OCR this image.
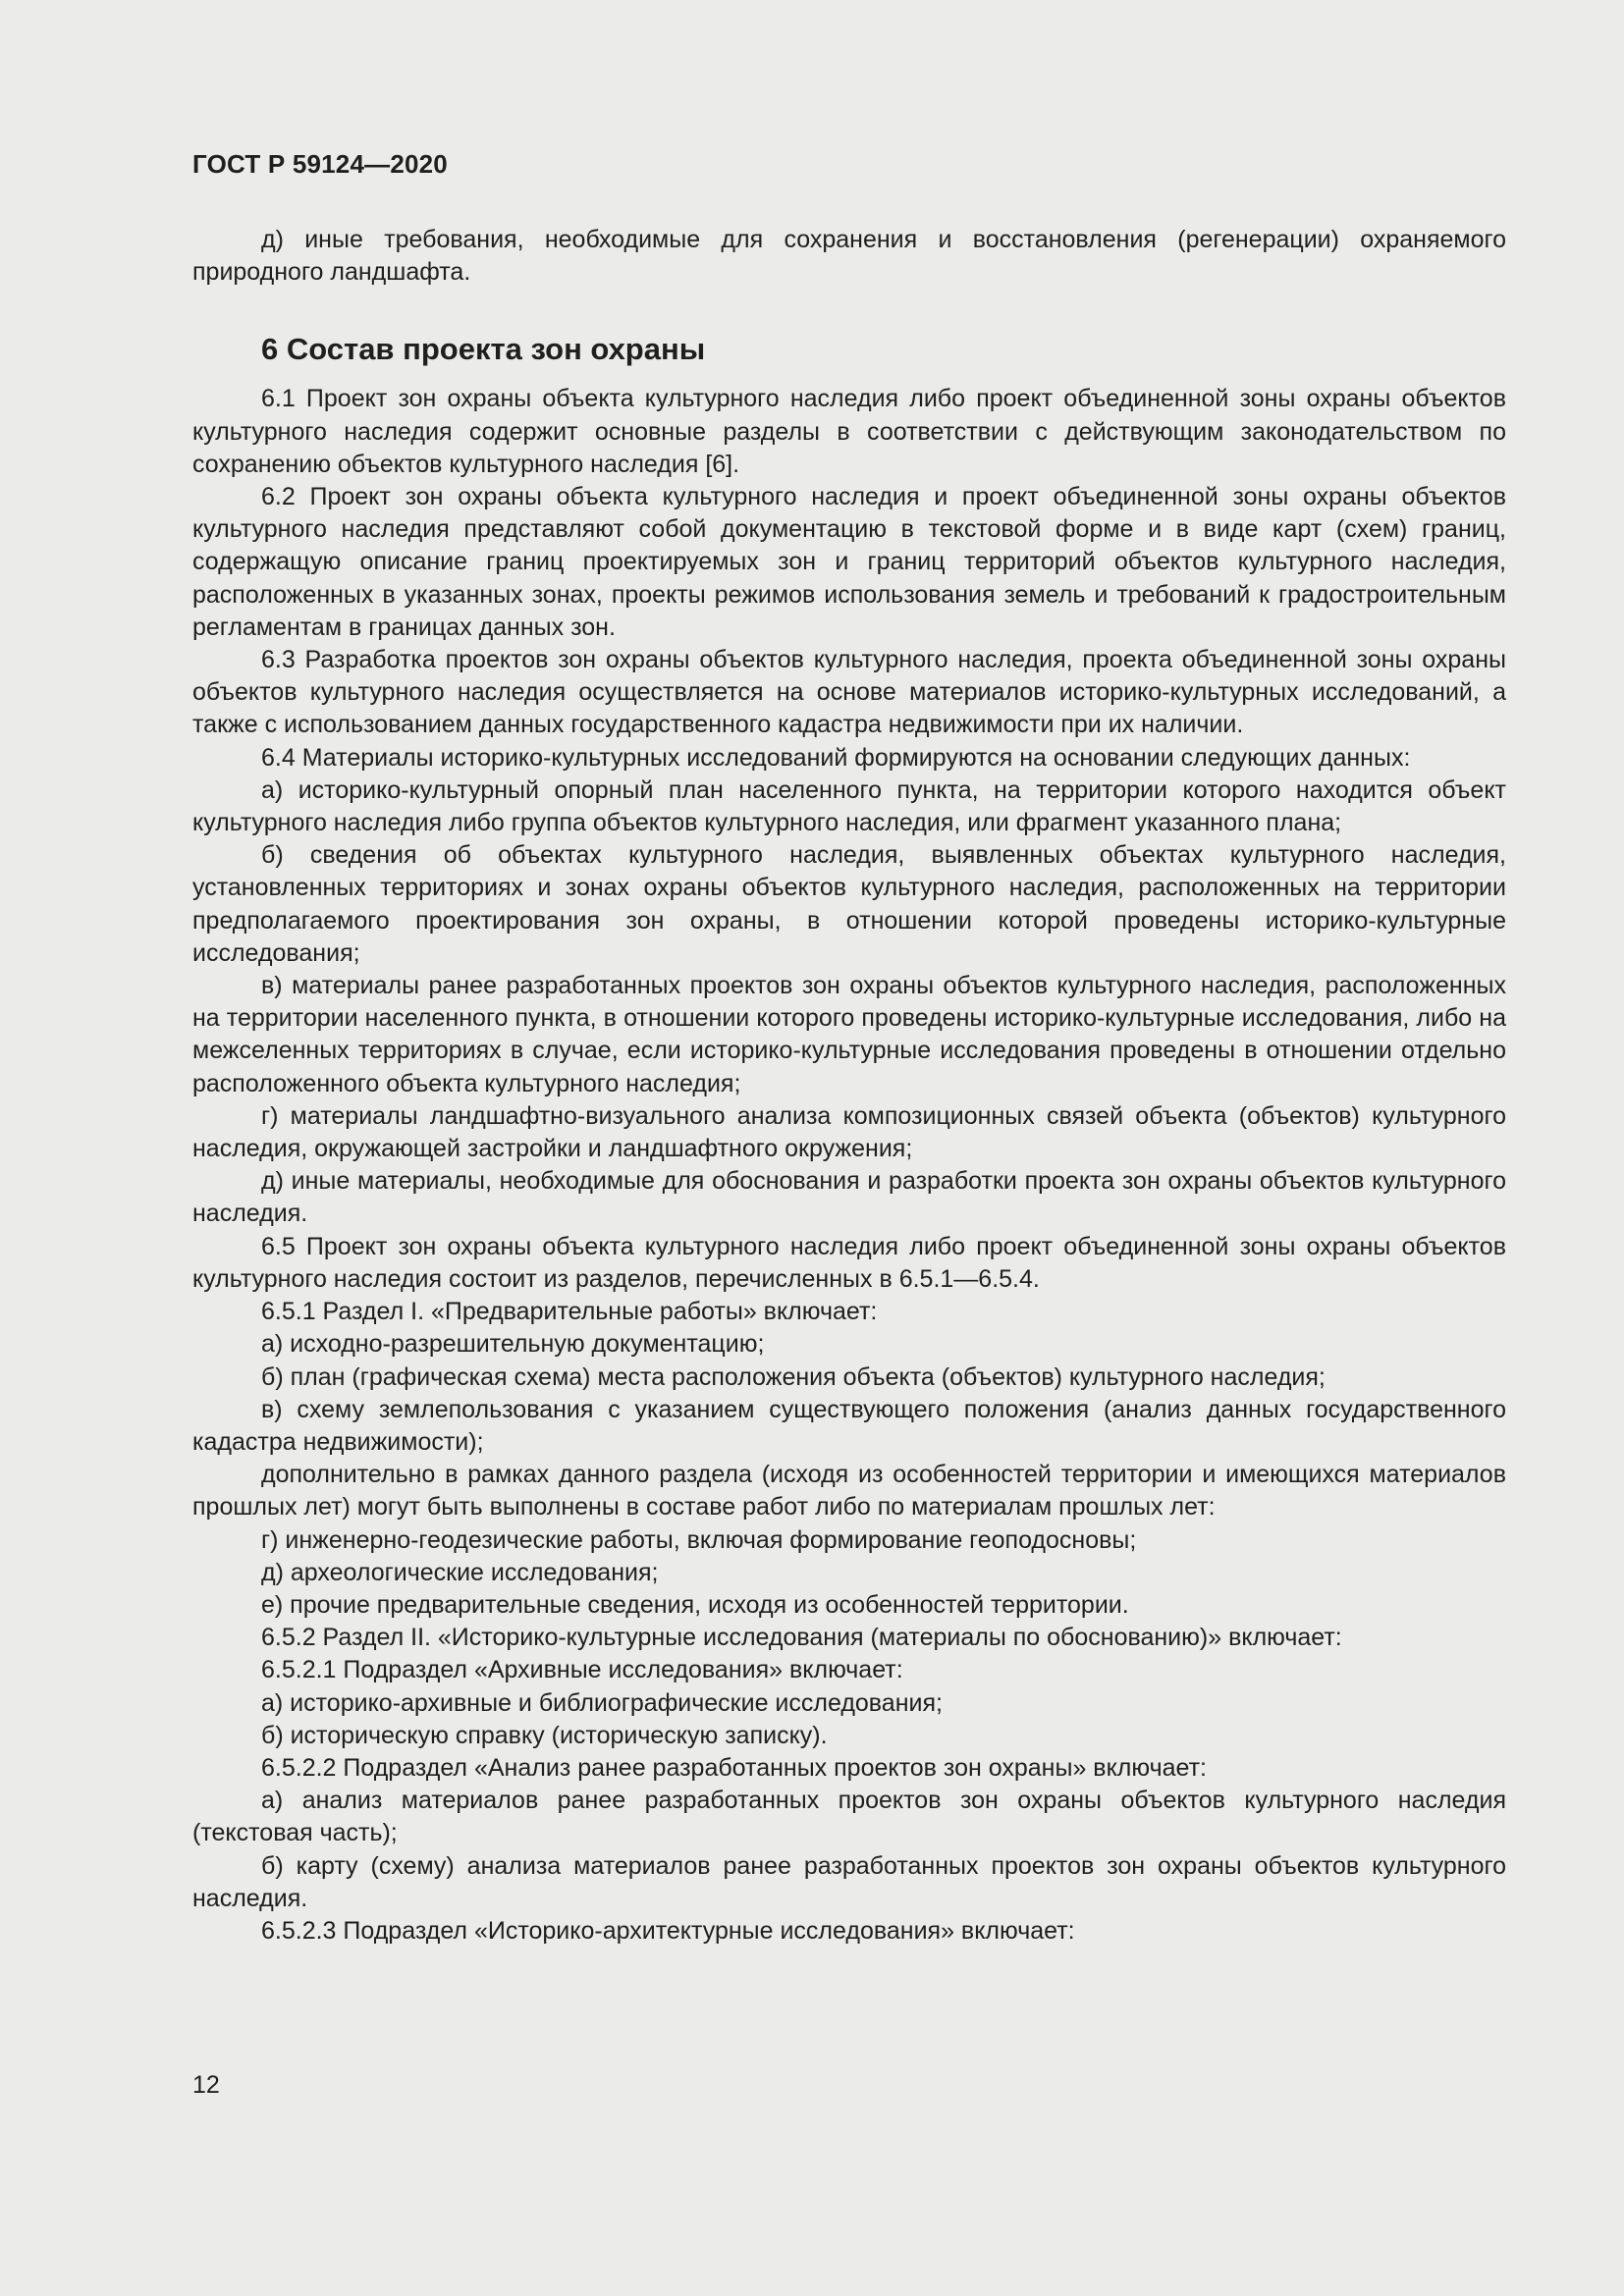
ГОСТ Р 59124—2020

д) иные требования, необходимые для сохранения и восстановления (регенерации) охраняемого природного ландшафта.

6 Состав проекта зон охраны

6.1 Проект зон охраны объекта культурного наследия либо проект объединенной зоны охраны объектов культурного наследия содержит основные разделы в соответствии с действующим законодательством по сохранению объектов культурного наследия [6].

6.2 Проект зон охраны объекта культурного наследия и проект объединенной зоны охраны объектов культурного наследия представляют собой документацию в текстовой форме и в виде карт (схем) границ, содержащую описание границ проектируемых зон и границ территорий объектов культурного наследия, расположенных в указанных зонах, проекты режимов использования земель и требований к градостроительным регламентам в границах данных зон.

6.3 Разработка проектов зон охраны объектов культурного наследия, проекта объединенной зоны охраны объектов культурного наследия осуществляется на основе материалов историко-культурных исследований, а также с использованием данных государственного кадастра недвижимости при их наличии.

6.4 Материалы историко-культурных исследований формируются на основании следующих данных:

а) историко-культурный опорный план населенного пункта, на территории которого находится объект культурного наследия либо группа объектов культурного наследия, или фрагмент указанного плана;

б) сведения об объектах культурного наследия, выявленных объектах культурного наследия, установленных территориях и зонах охраны объектов культурного наследия, расположенных на территории предполагаемого проектирования зон охраны, в отношении которой проведены историко-культурные исследования;

в) материалы ранее разработанных проектов зон охраны объектов культурного наследия, расположенных на территории населенного пункта, в отношении которого проведены историко-культурные исследования, либо на межселенных территориях в случае, если историко-культурные исследования проведены в отношении отдельно расположенного объекта культурного наследия;

г) материалы ландшафтно-визуального анализа композиционных связей объекта (объектов) культурного наследия, окружающей застройки и ландшафтного окружения;

д) иные материалы, необходимые для обоснования и разработки проекта зон охраны объектов культурного наследия.

6.5 Проект зон охраны объекта культурного наследия либо проект объединенной зоны охраны объектов культурного наследия состоит из разделов, перечисленных в 6.5.1—6.5.4.

6.5.1 Раздел I. «Предварительные работы» включает:

а) исходно-разрешительную документацию;

б) план (графическая схема) места расположения объекта (объектов) культурного наследия;

в) схему землепользования с указанием существующего положения (анализ данных государственного кадастра недвижимости);

дополнительно в рамках данного раздела (исходя из особенностей территории и имеющихся материалов прошлых лет) могут быть выполнены в составе работ либо по материалам прошлых лет:

г) инженерно-геодезические работы, включая формирование геоподосновы;

д) археологические исследования;

е) прочие предварительные сведения, исходя из особенностей территории.

6.5.2 Раздел II. «Историко-культурные исследования (материалы по обоснованию)» включает:

6.5.2.1 Подраздел «Архивные исследования» включает:

а) историко-архивные и библиографические исследования;

б) историческую справку (историческую записку).

6.5.2.2 Подраздел «Анализ ранее разработанных проектов зон охраны» включает:

а) анализ материалов ранее разработанных проектов зон охраны объектов культурного наследия (текстовая часть);

б) карту (схему) анализа материалов ранее разработанных проектов зон охраны объектов культурного наследия.

6.5.2.3 Подраздел «Историко-архитектурные исследования» включает:

12
